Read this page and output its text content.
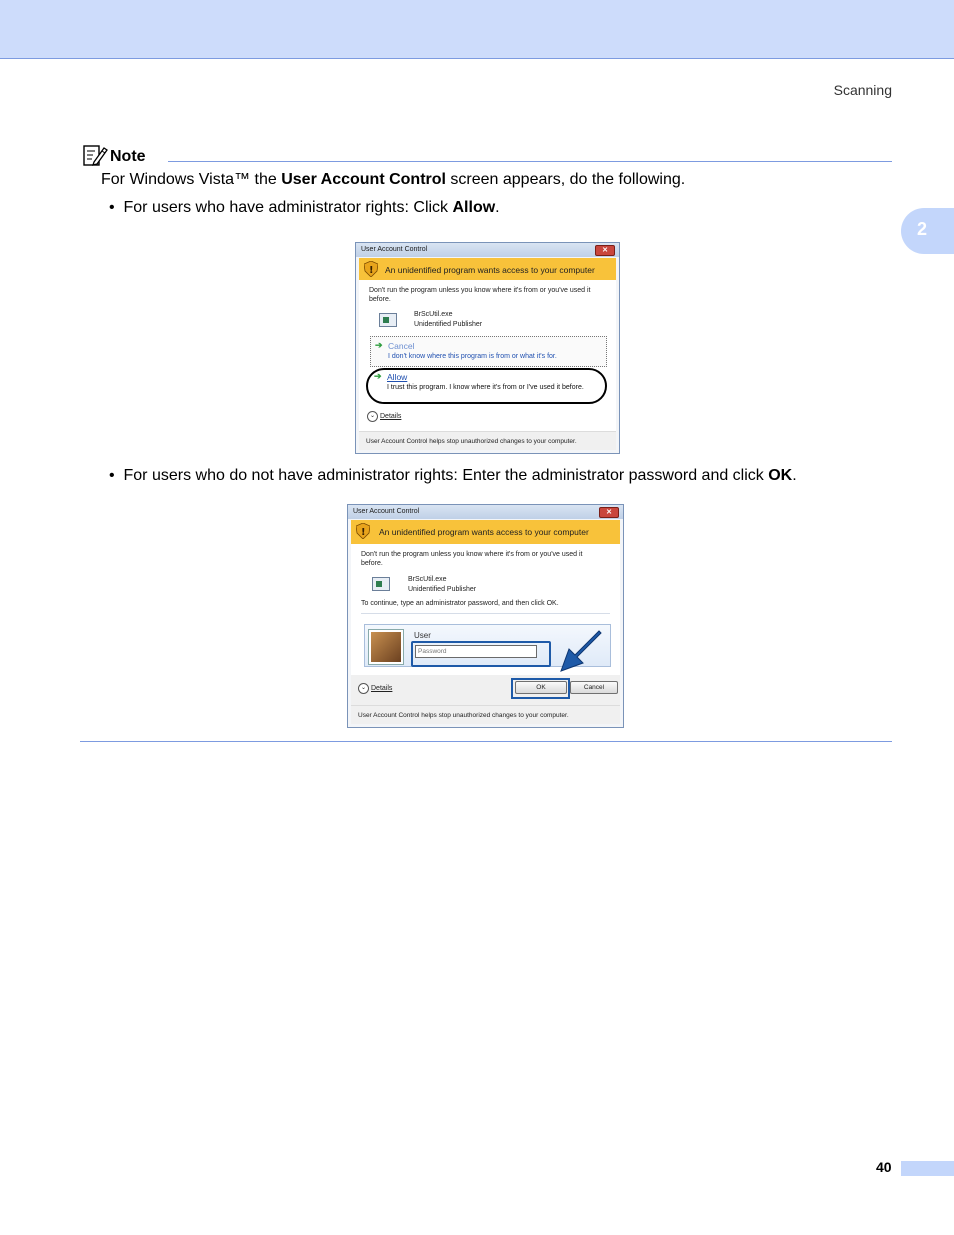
Scanning
2
Note
For Windows Vista™ the User Account Control screen appears, do the following.
•  For users who have administrator rights: Click Allow.
User Account Control	✕
! An unidentified program wants access to your computer
Don't run the program unless you know where it's from or you've used it
before.
BrScUtil.exe
Unidentified Publisher
➔ Cancel
I don't know where this program is from or what it's for.
➔ Allow
I trust this program. I know where it's from or I've used it before.
⌄ Details
User Account Control helps stop unauthorized changes to your computer.
•  For users who do not have administrator rights: Enter the administrator password and click OK.
User Account Control	✕
! An unidentified program wants access to your computer
Don't run the program unless you know where it's from or you've used it
before.
BrScUtil.exe
Unidentified Publisher
To continue, type an administrator password, and then click OK.
User
Password
⌄ Details	OK	Cancel
User Account Control helps stop unauthorized changes to your computer.
40
